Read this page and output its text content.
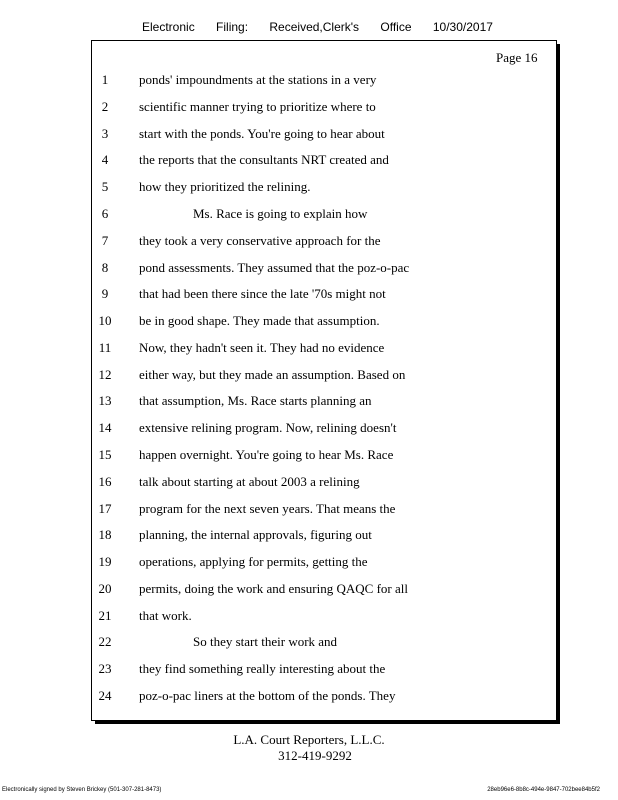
Electronic Filing: Received,Clerk's Office 10/30/2017
Page 16
1	ponds' impoundments at the stations in a very
2	scientific manner trying to prioritize where to
3	start with the ponds. You're going to hear about
4	the reports that the consultants NRT created and
5	how they prioritized the relining.
6	Ms. Race is going to explain how
7	they took a very conservative approach for the
8	pond assessments. They assumed that the poz-o-pac
9	that had been there since the late '70s might not
10	be in good shape. They made that assumption.
11	Now, they hadn't seen it. They had no evidence
12	either way, but they made an assumption. Based on
13	that assumption, Ms. Race starts planning an
14	extensive relining program. Now, relining doesn't
15	happen overnight. You're going to hear Ms. Race
16	talk about starting at about 2003 a relining
17	program for the next seven years. That means the
18	planning, the internal approvals, figuring out
19	operations, applying for permits, getting the
20	permits, doing the work and ensuring QAQC for all
21	that work.
22	So they start their work and
23	they find something really interesting about the
24	poz-o-pac liners at the bottom of the ponds. They
L.A. Court Reporters, L.L.C.
312-419-9292
Electronically signed by Steven Brickey (501-307-281-8473)	28eb96e6-8b8c-494e-9847-702bee84b5f2
